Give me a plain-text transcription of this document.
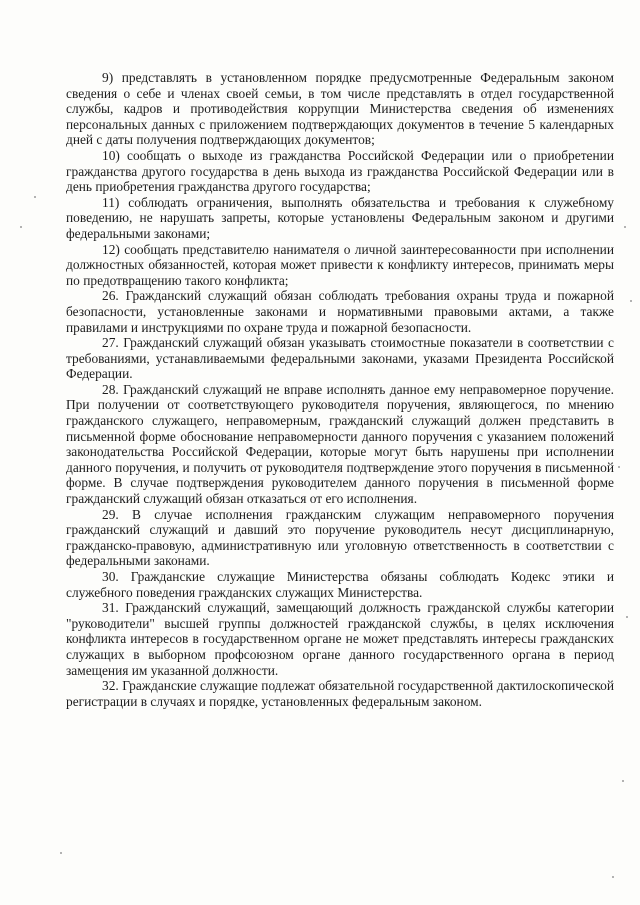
9) представлять в установленном порядке предусмотренные Федеральным законом сведения о себе и членах своей семьи, в том числе представлять в отдел государственной службы, кадров и противодействия коррупции Министерства сведения об изменениях персональных данных с приложением подтверждающих документов в течение 5 календарных дней с даты получения подтверждающих документов;

10) сообщать о выходе из гражданства Российской Федерации или о приобретении гражданства другого государства в день выхода из гражданства Российской Федерации или в день приобретения гражданства другого государства;

11) соблюдать ограничения, выполнять обязательства и требования к служебному поведению, не нарушать запреты, которые установлены Федеральным законом и другими федеральными законами;

12) сообщать представителю нанимателя о личной заинтересованности при исполнении должностных обязанностей, которая может привести к конфликту интересов, принимать меры по предотвращению такого конфликта;

26. Гражданский служащий обязан соблюдать требования охраны труда и пожарной безопасности, установленные законами и нормативными правовыми актами, а также правилами и инструкциями по охране труда и пожарной безопасности.

27. Гражданский служащий обязан указывать стоимостные показатели в соответствии с требованиями, устанавливаемыми федеральными законами, указами Президента Российской Федерации.

28. Гражданский служащий не вправе исполнять данное ему неправомерное поручение. При получении от соответствующего руководителя поручения, являющегося, по мнению гражданского служащего, неправомерным, гражданский служащий должен представить в письменной форме обоснование неправомерности данного поручения с указанием положений законодательства Российской Федерации, которые могут быть нарушены при исполнении данного поручения, и получить от руководителя подтверждение этого поручения в письменной форме. В случае подтверждения руководителем данного поручения в письменной форме гражданский служащий обязан отказаться от его исполнения.

29. В случае исполнения гражданским служащим неправомерного поручения гражданский служащий и давший это поручение руководитель несут дисциплинарную, гражданско-правовую, административную или уголовную ответственность в соответствии с федеральными законами.

30. Гражданские служащие Министерства обязаны соблюдать Кодекс этики и служебного поведения гражданских служащих Министерства.

31. Гражданский служащий, замещающий должность гражданской службы категории "руководители" высшей группы должностей гражданской службы, в целях исключения конфликта интересов в государственном органе не может представлять интересы гражданских служащих в выборном профсоюзном органе данного государственного органа в период замещения им указанной должности.

32. Гражданские служащие подлежат обязательной государственной дактилоскопической регистрации в случаях и порядке, установленных федеральным законом.
